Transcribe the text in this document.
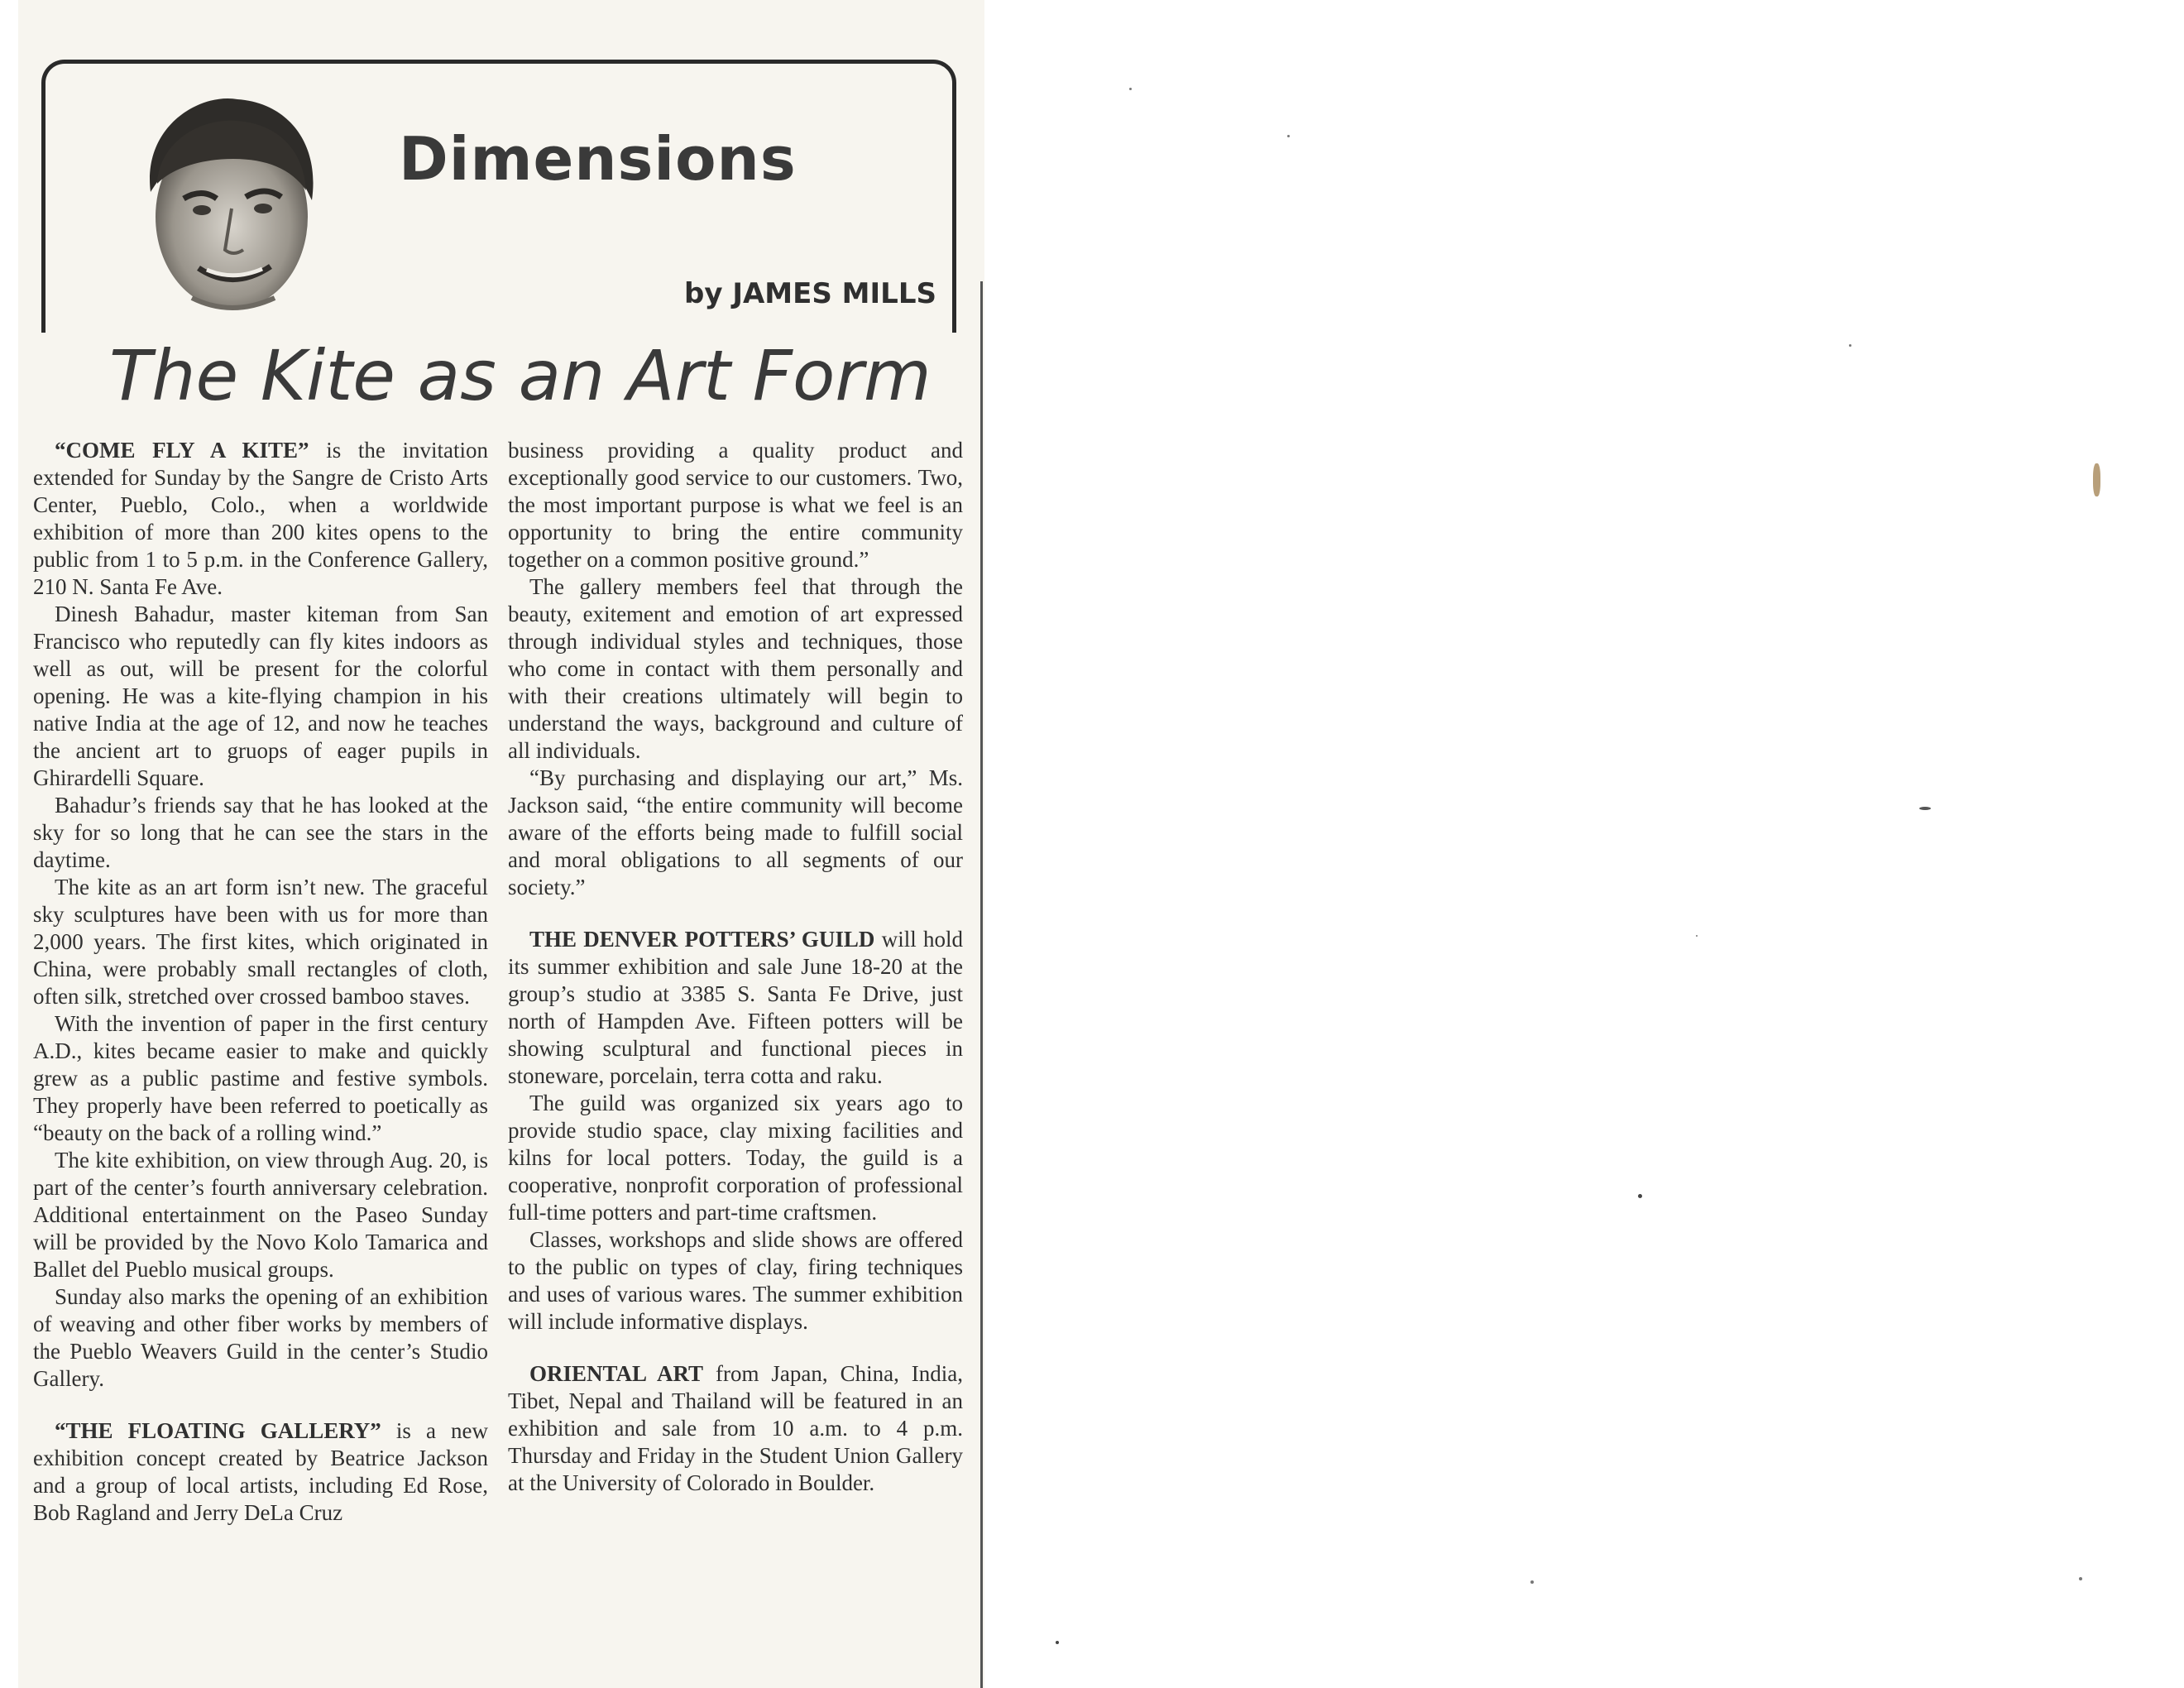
Dimensions
by JAMES MILLS
The Kite as an Art Form

“COME FLY A KITE” is the invitation extended for Sunday by the Sangre de Cristo Arts Center, Pueblo, Colo., when a worldwide exhibition of more than 200 kites opens to the public from 1 to 5 p.m. in the Conference Gallery, 210 N. Santa Fe Ave.

Dinesh Bahadur, master kiteman from San Francisco who reputedly can fly kites indoors as well as out, will be present for the colorful opening. He was a kite-flying champion in his native India at the age of 12, and now he teaches the ancient art to gruops of eager pupils in Ghirardelli Square.

Bahadur’s friends say that he has looked at the sky for so long that he can see the stars in the daytime.

The kite as an art form isn’t new. The graceful sky sculptures have been with us for more than 2,000 years. The first kites, which originated in China, were probably small rectangles of cloth, often silk, stretched over crossed bamboo staves.

With the invention of paper in the first century A.D., kites became easier to make and quickly grew as a public pastime and festive symbols. They properly have been referred to poetically as “beauty on the back of a rolling wind.”

The kite exhibition, on view through Aug. 20, is part of the center’s fourth anniversary celebration. Additional entertainment on the Paseo Sunday will be provided by the Novo Kolo Tamarica and Ballet del Pueblo musical groups.

Sunday also marks the opening of an exhibition of weaving and other fiber works by members of the Pueblo Weavers Guild in the center’s Studio Gallery.

“THE FLOATING GALLERY” is a new exhibition concept created by Beatrice Jackson and a group of local artists, including Ed Rose, Bob Ragland and Jerry DeLa Cruz

business providing a quality product and exceptionally good service to our customers. Two, the most important purpose is what we feel is an opportunity to bring the entire community together on a common positive ground.”

The gallery members feel that through the beauty, exitement and emotion of art expressed through individual styles and techniques, those who come in contact with them personally and with their creations ultimately will begin to understand the ways, background and culture of all individuals.

“By purchasing and displaying our art,” Ms. Jackson said, “the entire community will become aware of the efforts being made to fulfill social and moral obligations to all segments of our society.”

THE DENVER POTTERS’ GUILD will hold its summer exhibition and sale June 18-20 at the group’s studio at 3385 S. Santa Fe Drive, just north of Hampden Ave. Fifteen potters will be showing sculptural and functional pieces in stoneware, porcelain, terra cotta and raku.

The guild was organized six years ago to provide studio space, clay mixing facilities and kilns for local potters. Today, the guild is a cooperative, nonprofit corporation of professional full-time potters and part-time craftsmen.

Classes, workshops and slide shows are offered to the public on types of clay, firing techniques and uses of various wares. The summer exhibition will include informative displays.

ORIENTAL ART from Japan, China, India, Tibet, Nepal and Thailand will be featured in an exhibition and sale from 10 a.m. to 4 p.m. Thursday and Friday in the Student Union Gallery at the University of Colorado in Boulder.
